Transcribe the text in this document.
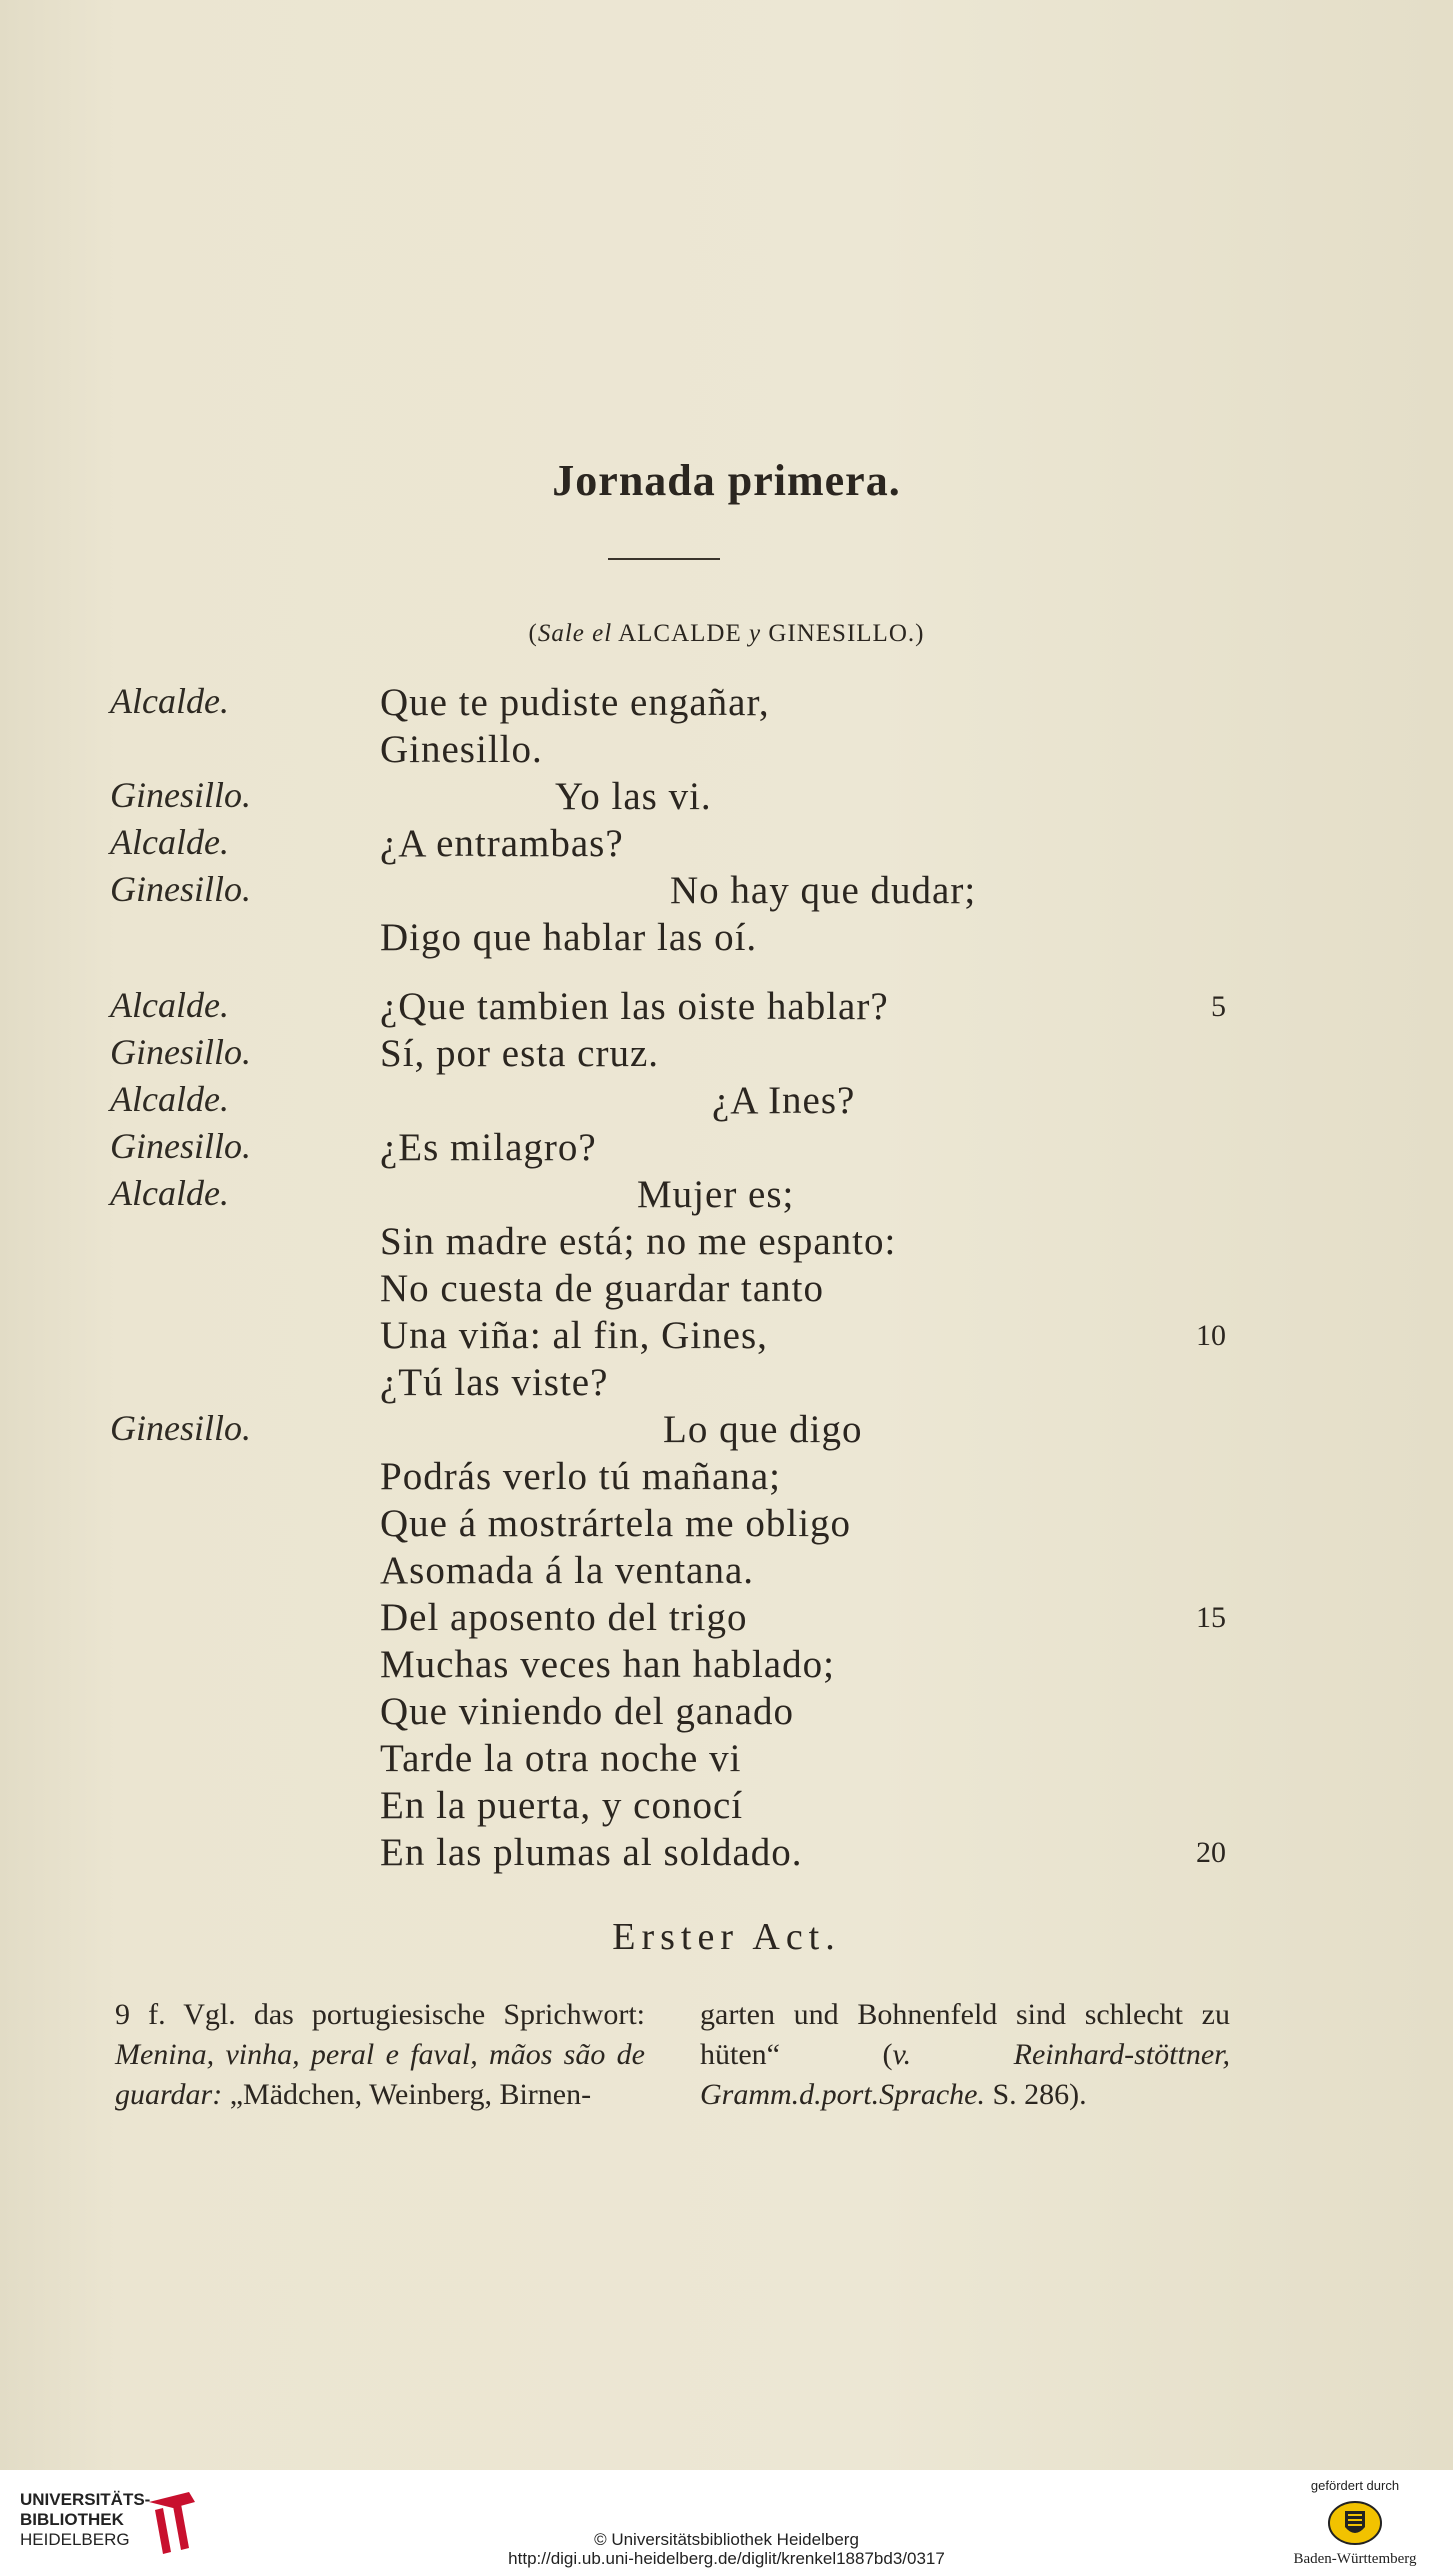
Jornada primera.
(Sale el ALCALDE y GINESILLO.)
Alcalde.	Que te pudiste engañar,
Ginesillo.
Ginesillo.	Yo las vi.
Alcalde.	¿A entrambas?
Ginesillo.	No hay que dudar;
Digo que hablar las oí.
Alcalde.	¿Que tambien las oiste hablar?	5
Ginesillo.	Sí, por esta cruz.
Alcalde.	¿A Ines?
Ginesillo.	¿Es milagro?
Alcalde.	Mujer es;
Sin madre está; no me espanto:
No cuesta de guardar tanto
Una viña: al fin, Gines,	10
¿Tú las viste?
Ginesillo.	Lo que digo
Podrás verlo tú mañana;
Que á mostrártela me obligo
Asomada á la ventana.
Del aposento del trigo	15
Muchas veces han hablado;
Que viniendo del ganado
Tarde la otra noche vi
En la puerta, y conocí
En las plumas al soldado.	20
Erster Act.
9 f. Vgl. das portugiesische Sprichwort: Menina, vinha, peral e faval, mãos são de guardar: „Mädchen, Weinberg, Birnen-
garten und Bohnenfeld sind schlecht zu hüten“ (v. Reinhard-stöttner, Gramm.d.port.Sprache. S. 286).
UNIVERSITÄTS-
BIBLIOTHEK
HEIDELBERG	© Universitätsbibliothek Heidelberg
http://digi.ub.uni-heidelberg.de/diglit/krenkel1887bd3/0317
gefördert durch
Baden-Württemberg
